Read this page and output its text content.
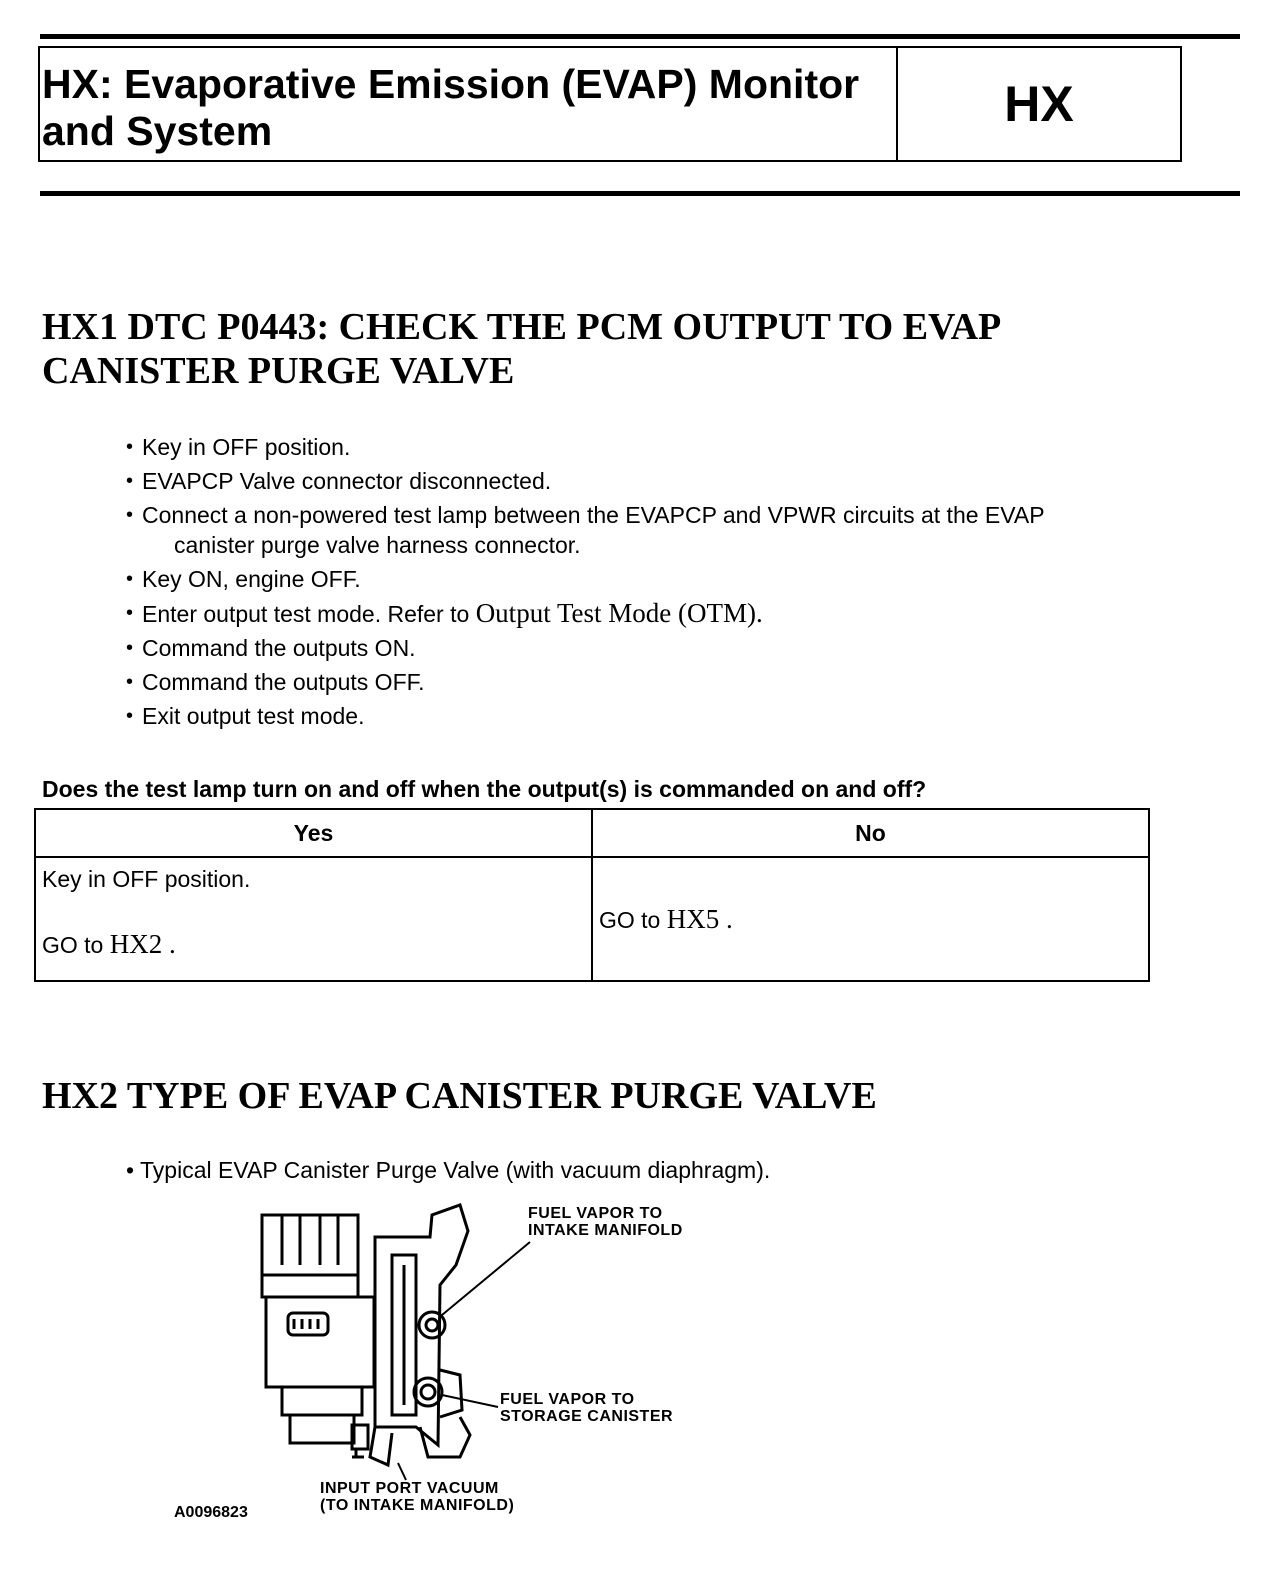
HX: Evaporative Emission (EVAP) Monitor and System	HX
HX1 DTC P0443: CHECK THE PCM OUTPUT TO EVAP CANISTER PURGE VALVE
• Key in OFF position.
• EVAPCP Valve connector disconnected.
• Connect a non-powered test lamp between the EVAPCP and VPWR circuits at the EVAP
canister purge valve harness connector.
• Key ON, engine OFF.
• Enter output test mode. Refer to Output Test Mode (OTM).
• Command the outputs ON.
• Command the outputs OFF.
• Exit output test mode.
Does the test lamp turn on and off when the output(s) is commanded on and off?
Yes	No

Key in OFF position.
GO to HX2 .	GO to HX5 .
HX2 TYPE OF EVAP CANISTER PURGE VALVE
• Typical EVAP Canister Purge Valve (with vacuum diaphragm).
FUEL VAPOR TO
INTAKE MANIFOLD
FUEL VAPOR TO
STORAGE CANISTER
INPUT PORT VACUUM
(TO INTAKE MANIFOLD)
A0096823
